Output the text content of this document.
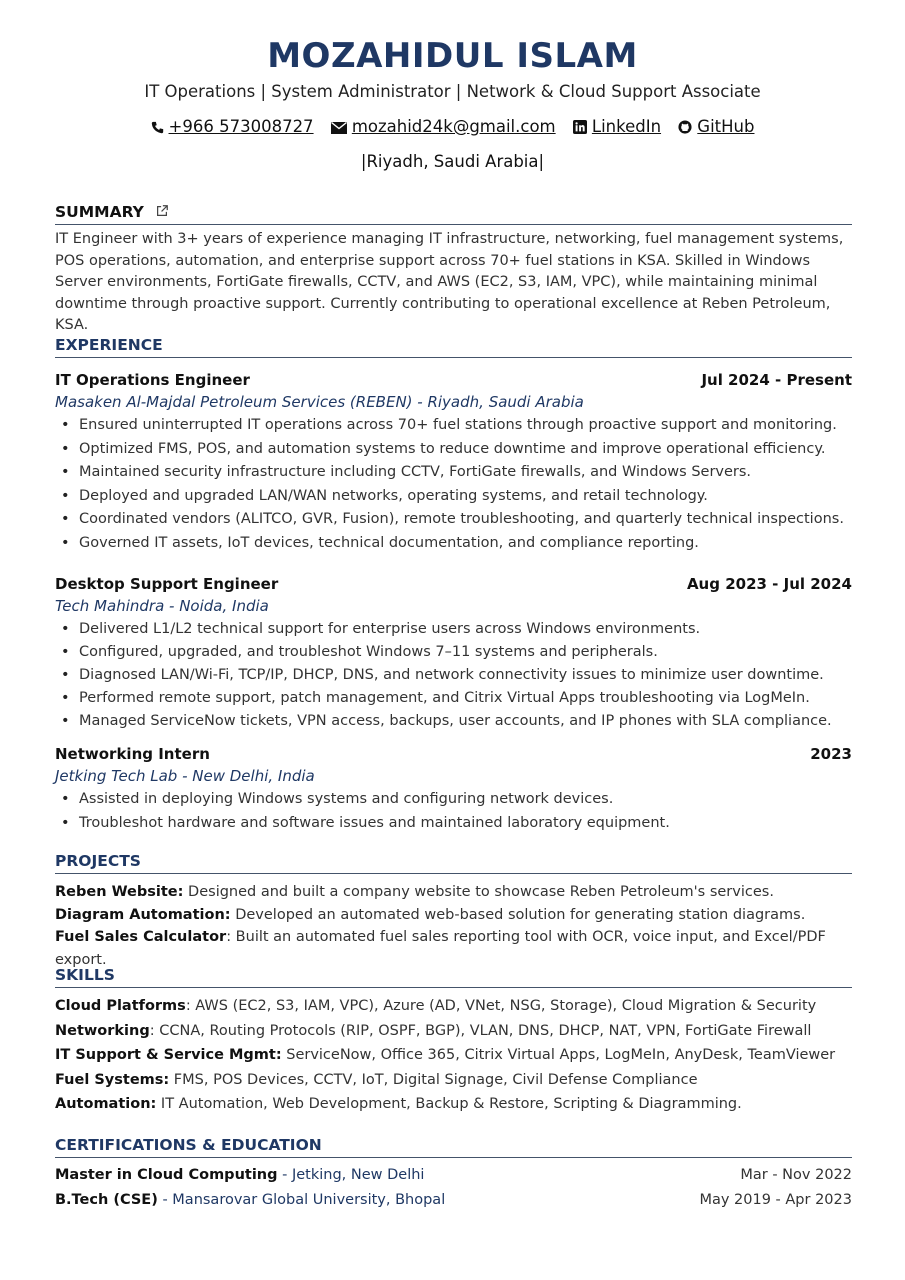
MOZAHIDUL ISLAM
IT Operations | System Administrator | Network & Cloud Support Associate
+966 573008727 mozahid24k@gmail.com LinkedIn GitHub
|Riyadh, Saudi Arabia|
SUMMARY
IT Engineer with 3+ years of experience managing IT infrastructure, networking, fuel management systems, POS operations, automation, and enterprise support across 70+ fuel stations in KSA. Skilled in Windows Server environments, FortiGate firewalls, CCTV, and AWS (EC2, S3, IAM, VPC), while maintaining minimal downtime through proactive support. Currently contributing to operational excellence at Reben Petroleum, KSA.
EXPERIENCE
IT Operations Engineer	Jul 2024 - Present
Masaken Al-Majdal Petroleum Services (REBEN) - Riyadh, Saudi Arabia
• Ensured uninterrupted IT operations across 70+ fuel stations through proactive support and monitoring.
• Optimized FMS, POS, and automation systems to reduce downtime and improve operational efficiency.
• Maintained security infrastructure including CCTV, FortiGate firewalls, and Windows Servers.
• Deployed and upgraded LAN/WAN networks, operating systems, and retail technology.
• Coordinated vendors (ALITCO, GVR, Fusion), remote troubleshooting, and quarterly technical inspections.
• Governed IT assets, IoT devices, technical documentation, and compliance reporting.
Desktop Support Engineer	Aug 2023 - Jul 2024
Tech Mahindra - Noida, India
• Delivered L1/L2 technical support for enterprise users across Windows environments.
• Configured, upgraded, and troubleshot Windows 7–11 systems and peripherals.
• Diagnosed LAN/Wi-Fi, TCP/IP, DHCP, DNS, and network connectivity issues to minimize user downtime.
• Performed remote support, patch management, and Citrix Virtual Apps troubleshooting via LogMeIn.
• Managed ServiceNow tickets, VPN access, backups, user accounts, and IP phones with SLA compliance.
Networking Intern	2023
Jetking Tech Lab - New Delhi, India
• Assisted in deploying Windows systems and configuring network devices.
• Troubleshot hardware and software issues and maintained laboratory equipment.
PROJECTS
Reben Website: Designed and built a company website to showcase Reben Petroleum's services.
Diagram Automation: Developed an automated web-based solution for generating station diagrams.
Fuel Sales Calculator: Built an automated fuel sales reporting tool with OCR, voice input, and Excel/PDF export.
SKILLS
Cloud Platforms: AWS (EC2, S3, IAM, VPC), Azure (AD, VNet, NSG, Storage), Cloud Migration & Security
Networking: CCNA, Routing Protocols (RIP, OSPF, BGP), VLAN, DNS, DHCP, NAT, VPN, FortiGate Firewall
IT Support & Service Mgmt: ServiceNow, Office 365, Citrix Virtual Apps, LogMeIn, AnyDesk, TeamViewer
Fuel Systems: FMS, POS Devices, CCTV, IoT, Digital Signage, Civil Defense Compliance
Automation: IT Automation, Web Development, Backup & Restore, Scripting & Diagramming.
CERTIFICATIONS & EDUCATION
Master in Cloud Computing - Jetking, New Delhi	Mar - Nov 2022
B.Tech (CSE) - Mansarovar Global University, Bhopal	May 2019 - Apr 2023
